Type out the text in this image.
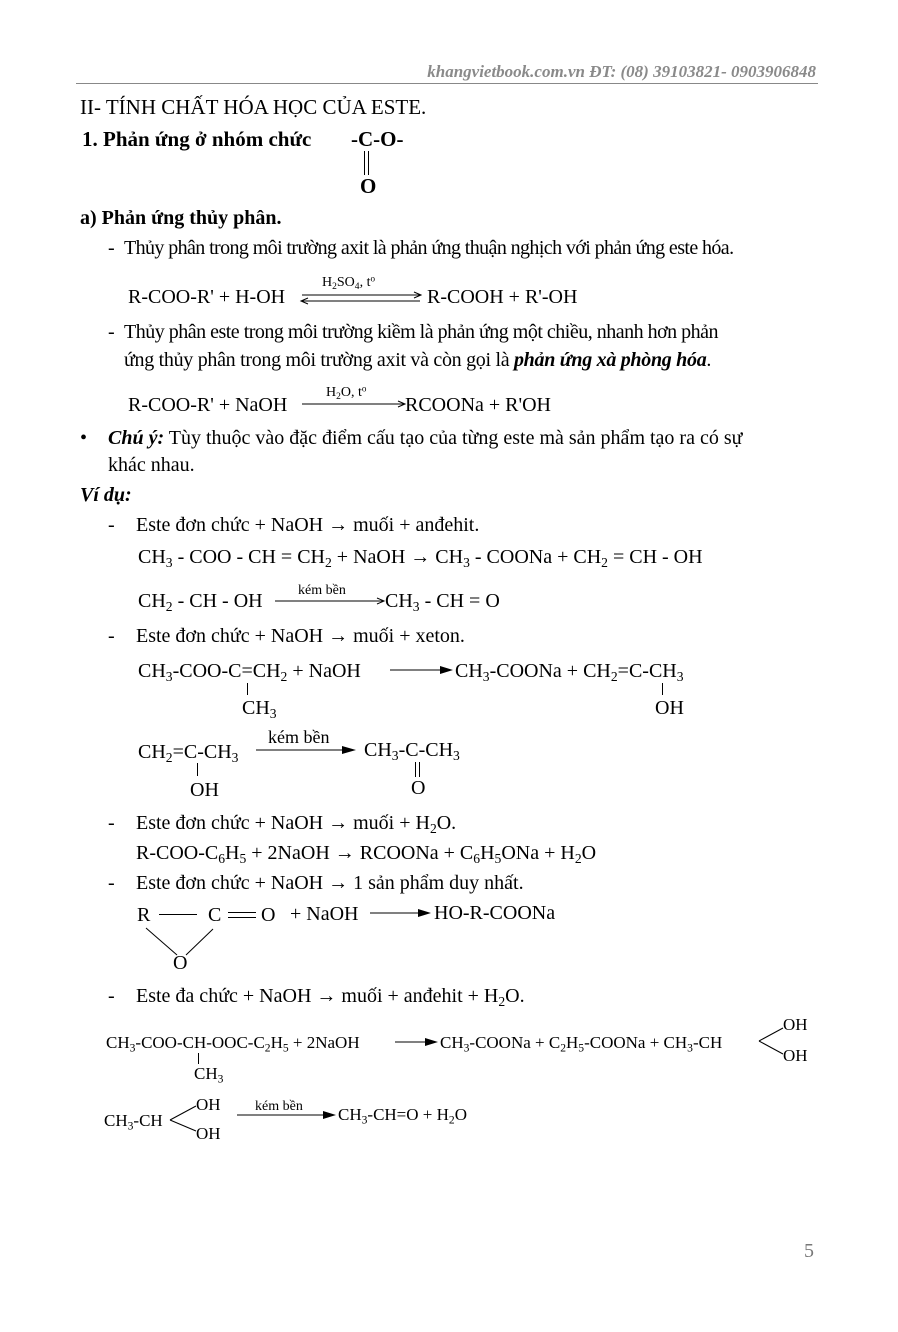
khangvietbook.com.vn ĐT: (08) 39103821- 0903906848
II- TÍNH CHẤT HÓA HỌC CỦA ESTE.
1. Phản ứng ở nhóm chức -C-O-
O
a) Phản ứng thủy phân.
- Thủy phân trong môi trường axit là phản ứng thuận nghịch với phản ứng este hóa.
R-COO-R' + H-OH
$H_2SO_4$, $t^o$
R-COOH + R'-OH
- Thủy phân este trong môi trường kiềm là phản ứng một chiều, nhanh hơn phản
ứng thủy phân trong môi trường axit và còn gọi là phản ứng xà phòng hóa.
R-COO-R' + NaOH
$H_2O$, $t^o$
RCOONa + R'OH
• Chú ý: Tùy thuộc vào đặc điểm cấu tạo của từng este mà sản phẩm tạo ra có sự
khác nhau.
Ví dụ:
- Este đơn chức + NaOH → muối + anđehit.
$CH_3$ - COO - CH = $CH_2$ + NaOH → $CH_3$ - COONa + $CH_2$ = CH - OH
$CH_2$ - CH - OH	kém bền $CH_3$ - CH = O
- Este đơn chức + NaOH → muối + xeton.
$CH_3-COO-C=CH_2$ + NaOH	$CH_3$-COONa + $CH_2=C-CH_3$
$CH_3$	OH
$CH_2=C-CH_3$
kém bền
$CH_3-C-CH_3$
OH	O
- Este đơn chức + NaOH → muối + $H_2O$.
$R-COO-C_6H_5$ + 2NaOH → RCOONa + $C_6H_5ONa + H_2O$
- Este đơn chức + NaOH → 1 sản phẩm duy nhất.
R	C O + NaOH	HO-R-COONa
O
- Este đa chức + NaOH → muối + anđehit + $H_2O$.
$CH_3-COO-CH-OOC-C_2H_5$ + 2NaOH	$CH_3$-COONa + $C_2H_5$-COONa + $CH_3-CH$
OH
OH
$CH_3$
$CH_3-CH$
OH
OH
kém bền $CH_3-CH=O + H_2O$
5
